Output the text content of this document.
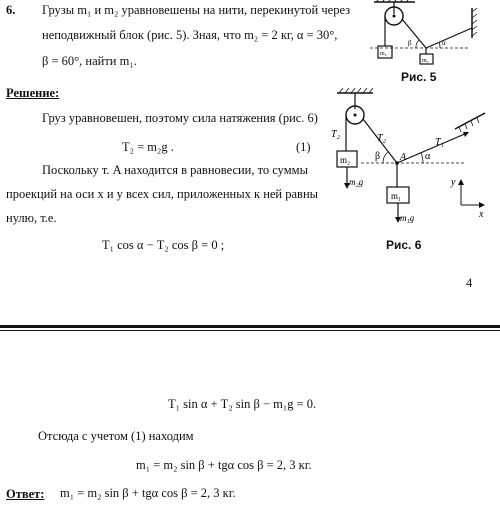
6. Грузы m₁ и m₂ уравновешены на нити, перекинутой через
неподвижный блок (рис. 5). Зная, что m₂ = 2 кг, α = 30°,
β = 60°, найти m₁.	m₂
m₁
β	α
Рис. 5
Решение:
Груз уравновешен, поэтому сила натяжения (рис. 6)
T₂ = m₂g .	(1)
Поскольку т. A находится в равновесии, то суммы
проекций на оси x и y всех сил, приложенных к ней равны
нулю, т.е.
T₁ cos α − T₂ cos β = 0 ;
m₂
m₂g
T₂	T₂	T₁
A
β	α
m₁
m₁g
y
x
Рис. 6
4
T₁ sin α + T₂ sin β − m₁g = 0.
Отсюда с учетом (1) находим
m₁ = m₂ sin β + tgα cos β = 2, 3 кг.
Ответ: m₁ = m₂ sin β + tgα cos β = 2, 3 кг.
